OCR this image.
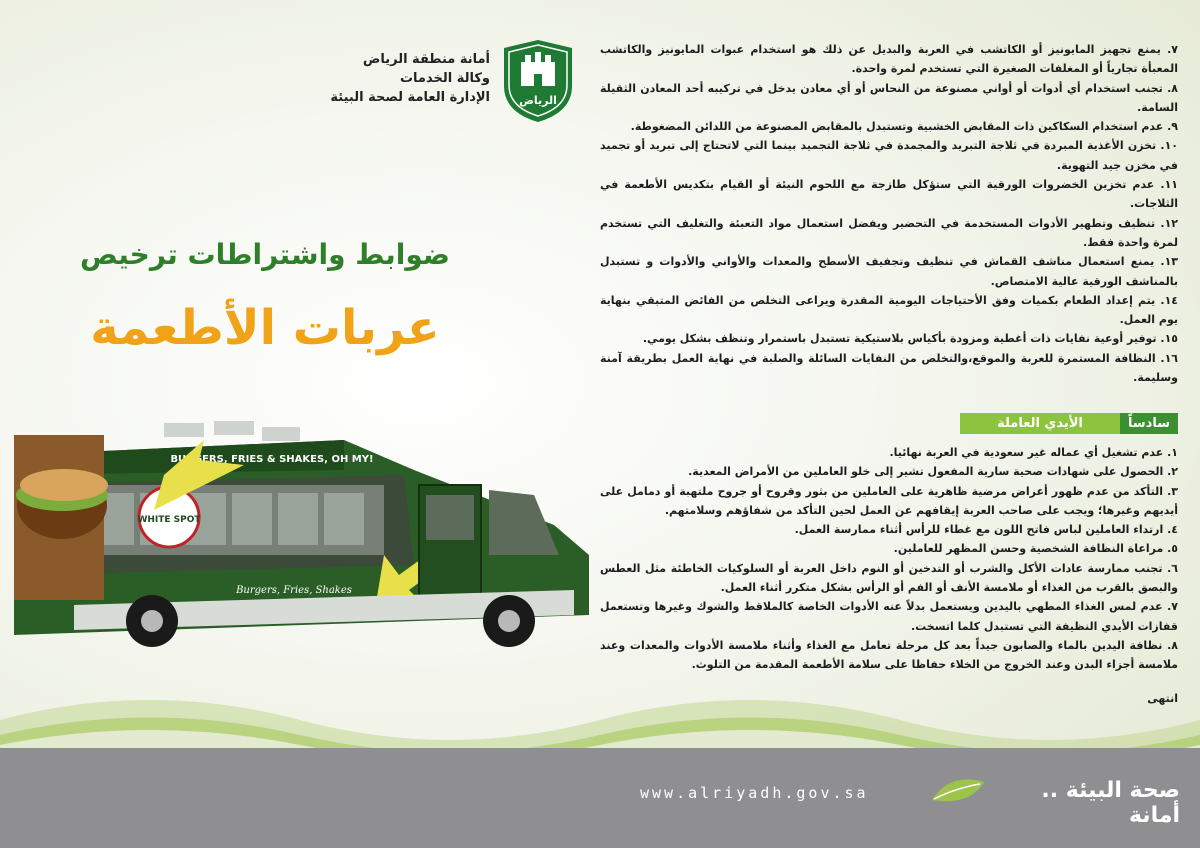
أمانة منطقة الرياض
وكالة الخدمات
الإدارة العامة لصحة البيئة	الرياض
ضوابط واشتراطات ترخيص
عربات الأطعمة
WHITE SPOT
BURGERS, FRIES & SHAKES, OH MY!
Burgers, Fries, Shakes

٧. يمنع تجهيز المايونيز أو الكاتشب في العربة والبديل عن ذلك هو استخدام عبوات المايونيز والكاتشب المعبأة تجارياً أو المغلفات الصغيرة التي تستخدم لمرة واحدة.

٨. تجنب استخدام أي أدوات أو أواني مصنوعة من النحاس أو أي معادن يدخل في تركيبه أحد المعادن الثقيلة السامة.

٩. عدم استخدام السكاكين ذات المقابض الخشبية وتستبدل بالمقابض المصنوعة من اللدائن المضغوطة.

١٠. تخزن الأغذية المبردة في ثلاجة التبريد والمجمدة في ثلاجة التجميد بينما التي لاتحتاج إلى تبريد أو تجميد في مخزن جيد التهوية.

١١. عدم تخزين الخضروات الورقية التي ستؤكل طازجة مع اللحوم النيئة أو القيام بتكديس الأطعمة في الثلاجات.

١٢. تنظيف وتطهير الأدوات المستخدمة في التحضير ويفضل استعمال مواد التعبئة والتغليف التي تستخدم لمرة واحدة فقط.

١٣. يمنع استعمال مناشف القماش في تنظيف وتجفيف الأسطح والمعدات والأواني والأدوات و تستبدل بالمناشف الورقية عالية الامتصاص.

١٤. يتم إعداد الطعام بكميات وفق الأحتياجات اليومية المقدرة ويراعى التخلص من الفائض المتبقي بنهاية يوم العمل.

١٥. توفير أوعية نفايات ذات أغطية ومزودة بأكياس بلاستيكية تستبدل باستمرار وتنظف بشكل يومي.

١٦. النظافة المستمرة للعربة والموقع،والتخلص من النفايات السائلة والصلبة في نهاية العمل بطريقة آمنة وسليمة.

سادساً
الأيدي العاملة

١. عدم تشغيل أي عماله غير سعودية في العربة نهائيا.

٢. الحصول على شهادات صحية سارية المفعول تشير إلى خلو العاملين من الأمراض المعدية.

٣. التأكد من عدم ظهور أعراض مرضية ظاهرية على العاملين من بثور وقروح أو جروح ملتهبة أو دمامل على أيديهم وغيرها؛ ويجب على صاحب العربة إيقافهم عن العمل لحين التأكد من شفاؤهم وسلامتهم.

٤. ارتداء العاملين لباس فاتح اللون مع غطاء للرأس أثناء ممارسة العمل.

٥. مراعاة النظافة الشخصية وحسن المظهر للعاملين.

٦. تجنب ممارسة عادات الأكل والشرب أو التدخين أو النوم داخل العربة أو السلوكيات الخاطئة مثل العطس والبصق بالقرب من الغذاء أو ملامسة الأنف أو الفم أو الرأس بشكل متكرر أثناء العمل.

٧. عدم لمس الغذاء المطهي باليدين ويستعمل بدلاً عنه الأدوات الخاصة كالملاقط والشوك وغيرها وتستعمل قفازات الأيدي النظيفة التي تستبدل كلما اتسخت.

٨. نظافة اليدين بالماء والصابون جيداً بعد كل مرحلة تعامل مع الغذاء وأثناء ملامسة الأدوات والمعدات وعند ملامسة أجزاء البدن وعند الخروج من الخلاء حفاظا على سلامة الأطعمة المقدمة من التلوث.

انتهى
www.alriyadh.gov.sa	صحة البيئة .. أمانة
